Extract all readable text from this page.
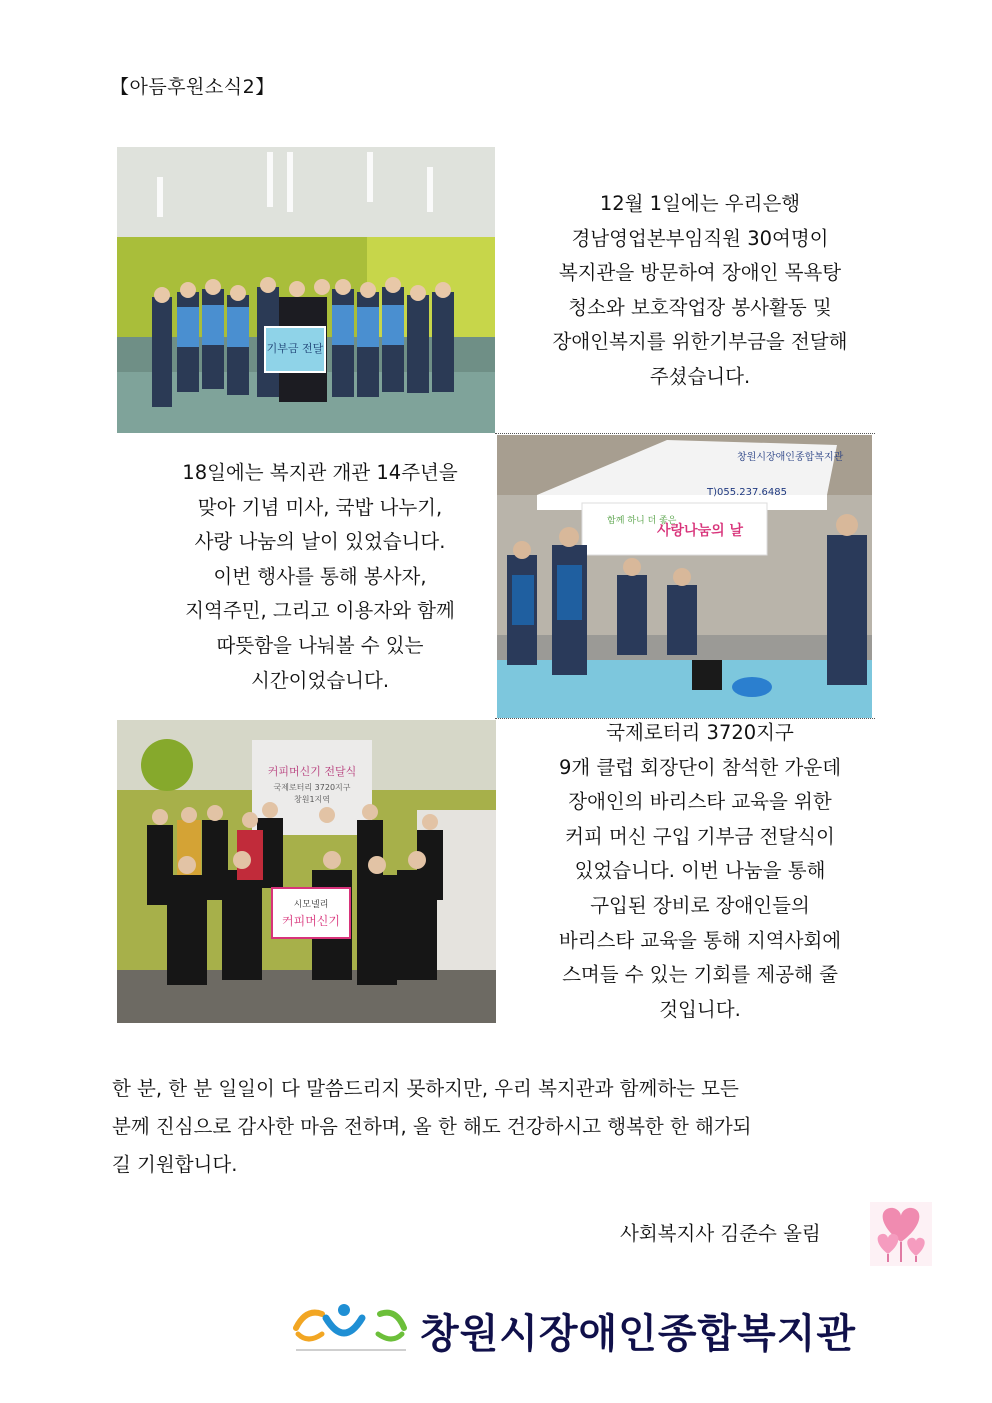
【아듬후원소식2】
기부금 전달
12월 1일에는 우리은행
경남영업본부임직원 30여명이
복지관을 방문하여 장애인 목욕탕
청소와 보호작업장 봉사활동 및
장애인복지를 위한기부금을 전달해
주셨습니다.
18일에는 복지관 개관 14주년을
맞아 기념 미사, 국밥 나누기,
사랑 나눔의 날이 있었습니다.
이번 행사를 통해 봉사자,
지역주민, 그리고 이용자와 함께
따뜻함을 나눠볼 수 있는
시간이었습니다.
창원시장애인종합복지관
T)055.237.6485
함께 하니 더 좋은
사랑나눔의 날
커피머신기 전달식
국제로터리 3720지구
창원1지역
시모넬리
커피머신기
국제로터리 3720지구
9개 클럽 회장단이 참석한 가운데
장애인의 바리스타 교육을 위한
커피 머신 구입 기부금 전달식이
있었습니다. 이번 나눔을 통해
구입된 장비로 장애인들의
바리스타 교육을 통해 지역사회에
스며들 수 있는 기회를 제공해 줄
것입니다.
한 분, 한 분 일일이 다 말씀드리지 못하지만, 우리 복지관과 함께하는 모든
분께 진심으로 감사한 마음 전하며, 올 한 해도 건강하시고 행복한 한 해가되
길 기원합니다.
사회복지사 김준수 올림
창원시장애인종합복지관
